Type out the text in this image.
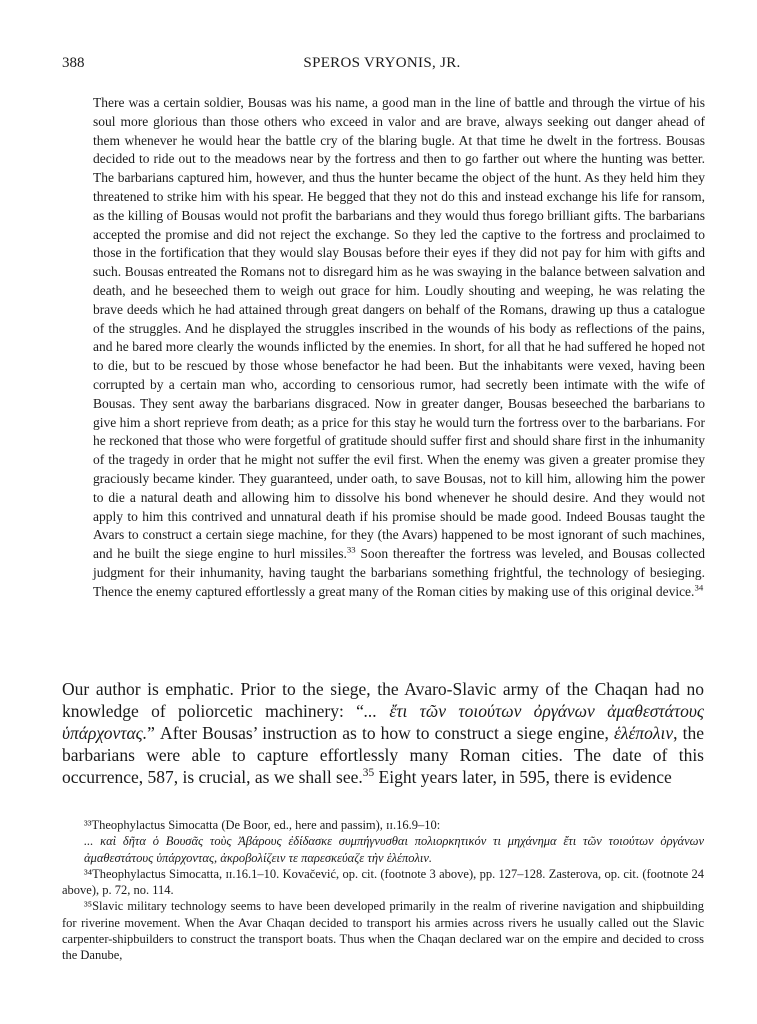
388	SPEROS VRYONIS, JR.

There was a certain soldier, Bousas was his name, a good man in the line of battle and through the virtue of his soul more glorious than those others who exceed in valor and are brave, always seeking out danger ahead of them whenever he would hear the battle cry of the blaring bugle. At that time he dwelt in the fortress. Bousas decided to ride out to the meadows near by the fortress and then to go farther out where the hunting was better. The barbarians captured him, however, and thus the hunter became the object of the hunt. As they held him they threatened to strike him with his spear. He begged that they not do this and instead exchange his life for ransom, as the killing of Bousas would not profit the barbarians and they would thus forego brilliant gifts. The barbarians accepted the promise and did not reject the exchange. So they led the captive to the fortress and proclaimed to those in the fortification that they would slay Bousas before their eyes if they did not pay for him with gifts and such. Bousas entreated the Romans not to disregard him as he was swaying in the balance between salvation and death, and he beseeched them to weigh out grace for him. Loudly shouting and weeping, he was relating the brave deeds which he had attained through great dangers on behalf of the Romans, drawing up thus a catalogue of the struggles. And he displayed the struggles inscribed in the wounds of his body as reflections of the pains, and he bared more clearly the wounds inflicted by the enemies. In short, for all that he had suffered he hoped not to die, but to be rescued by those whose benefactor he had been. But the inhabitants were vexed, having been corrupted by a certain man who, according to censorious rumor, had secretly been intimate with the wife of Bousas. They sent away the barbarians disgraced. Now in greater danger, Bousas beseeched the barbarians to give him a short reprieve from death; as a price for this stay he would turn the fortress over to the barbarians. For he reckoned that those who were forgetful of gratitude should suffer first and should share first in the inhumanity of the tragedy in order that he might not suffer the evil first. When the enemy was given a greater promise they graciously became kinder. They guaranteed, under oath, to save Bousas, not to kill him, allowing him the power to die a natural death and allowing him to dissolve his bond whenever he should desire. And they would not apply to him this contrived and unnatural death if his promise should be made good. Indeed Bousas taught the Avars to construct a certain siege machine, for they (the Avars) happened to be most ignorant of such machines, and he built the siege engine to hurl missiles.$^{33}$ Soon thereafter the fortress was leveled, and Bousas collected judgment for their inhumanity, having taught the barbarians something frightful, the technology of besieging. Thence the enemy captured effortlessly a great many of the Roman cities by making use of this original device.$^{34}$

Our author is emphatic. Prior to the siege, the Avaro-Slavic army of the Chaqan had no knowledge of poliorcetic machinery: “... ἔτι τῶν τοιούτων ὀργάνων ἀμαθεστάτους ὑπάρχοντας.” After Bousas’ instruction as to how to construct a siege engine, ἑλέπολιν, the barbarians were able to capture effortlessly many Roman cities. The date of this occurrence, 587, is crucial, as we shall see.$^{35}$ Eight years later, in 595, there is evidence

³³Theophylactus Simocatta (De Boor, ed., here and passim), ɪɪ.16.9–10:

... καὶ δῆτα ὁ Βουσᾶς τοὺς Ἀβάρους ἐδίδασκε συμπήγνυσθαι πολιορκητικόν τι μηχάνημα ἔτι τῶν τοιούτων ὀργάνων ἀμαθεστάτους ὑπάρχοντας, ἀκροβολίζειν τε παρεσκεύαζε τὴν ἑλέπολιν.

³⁴Theophylactus Simocatta, ɪɪ.16.1–10. Kovačević, op. cit. (footnote 3 above), pp. 127–128. Zasterova, op. cit. (footnote 24 above), p. 72, no. 114.

³⁵Slavic military technology seems to have been developed primarily in the realm of riverine navigation and shipbuilding for riverine movement. When the Avar Chaqan decided to transport his armies across rivers he usually called out the Slavic carpenter-shipbuilders to construct the transport boats. Thus when the Chaqan declared war on the empire and decided to cross the Danube,
